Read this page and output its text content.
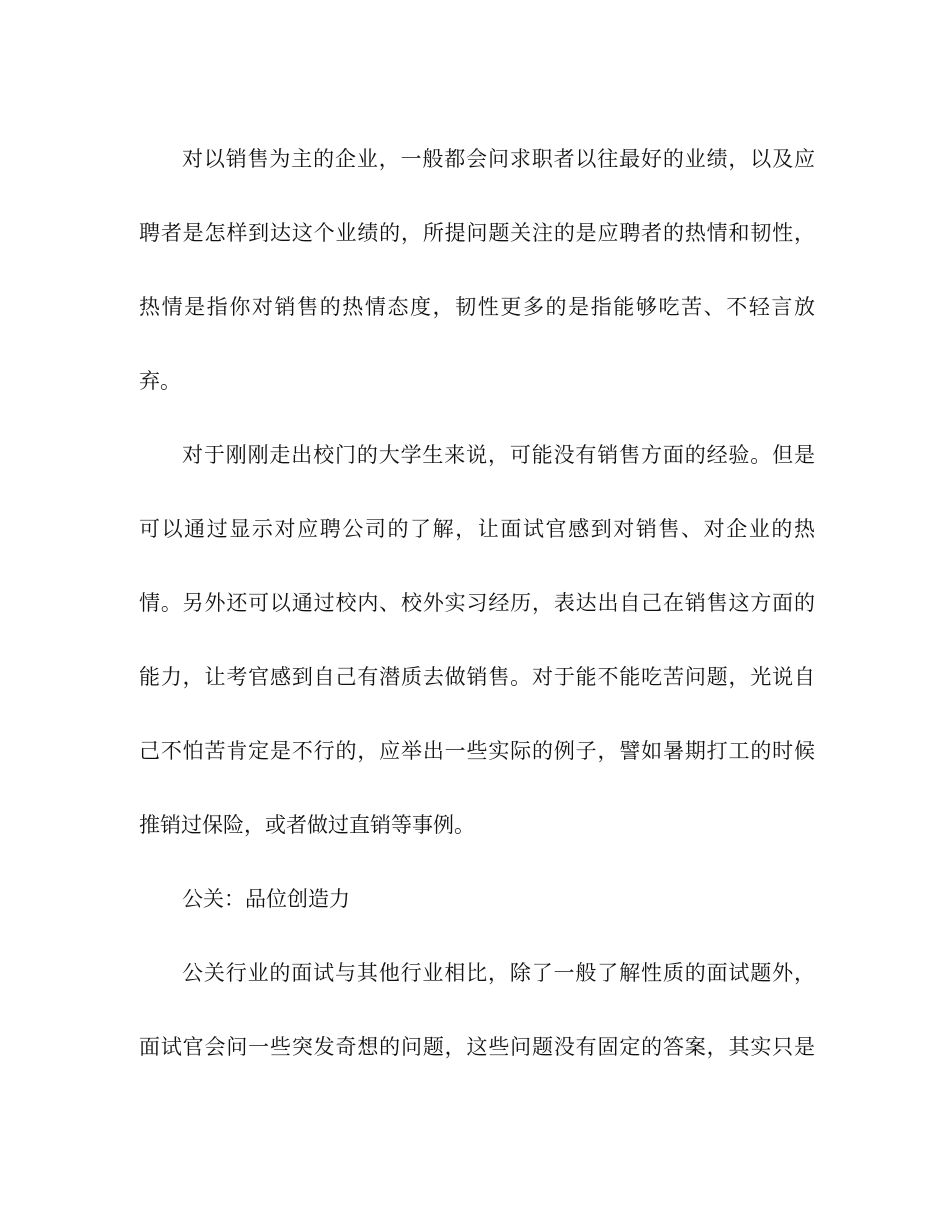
对以销售为主的企业，一般都会问求职者以往最好的业绩，以及应
聘者是怎样到达这个业绩的，所提问题关注的是应聘者的热情和韧性，
热情是指你对销售的热情态度，韧性更多的是指能够吃苦、不轻言放
弃。
对于刚刚走出校门的大学生来说，可能没有销售方面的经验。但是
可以通过显示对应聘公司的了解，让面试官感到对销售、对企业的热
情。另外还可以通过校内、校外实习经历，表达出自己在销售这方面的
能力，让考官感到自己有潜质去做销售。对于能不能吃苦问题，光说自
己不怕苦肯定是不行的，应举出一些实际的例子，譬如暑期打工的时候
推销过保险，或者做过直销等事例。
公关：品位创造力
公关行业的面试与其他行业相比，除了一般了解性质的面试题外，
面试官会问一些突发奇想的问题，这些问题没有固定的答案，其实只是
